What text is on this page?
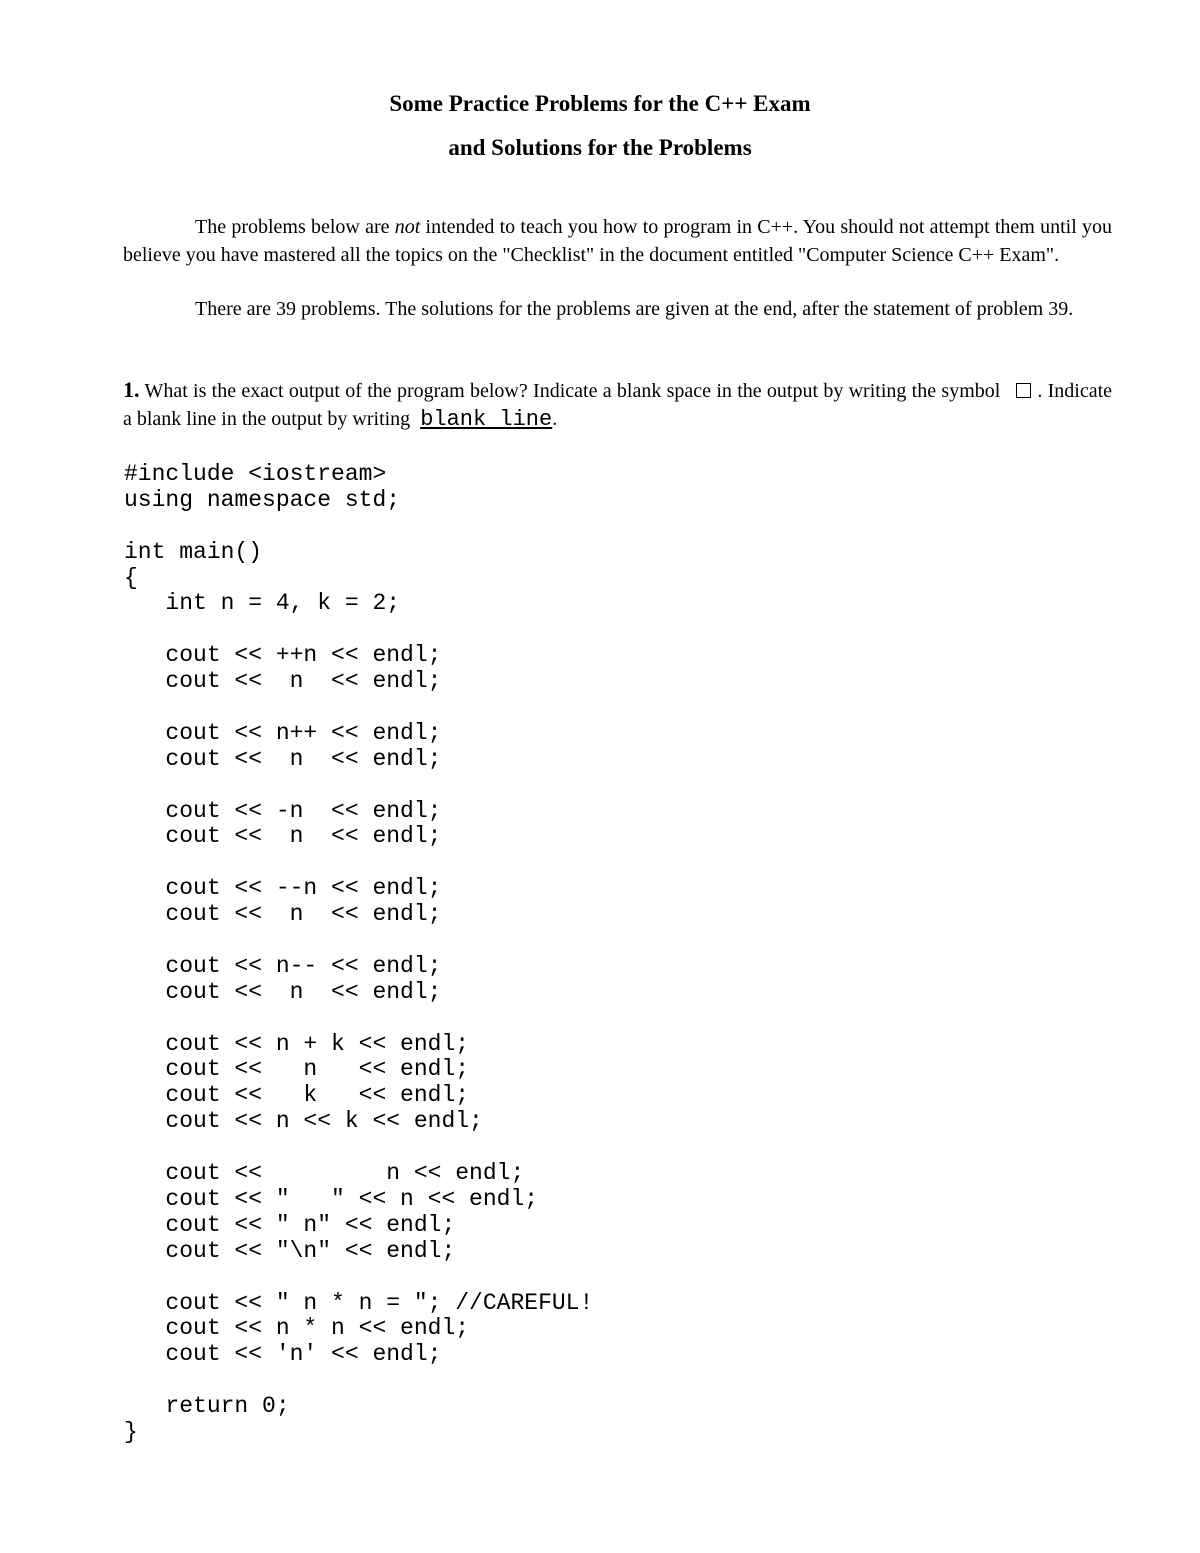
Some Practice Problems for the C++ Exam
and Solutions for the Problems
The problems below are not intended to teach you how to program in C++. You should not attempt them until you believe you have mastered all the topics on the "Checklist" in the document entitled "Computer Science C++ Exam".
There are 39 problems. The solutions for the problems are given at the end, after the statement of problem 39.
1. What is the exact output of the program below? Indicate a blank space in the output by writing the symbol . Indicate a blank line in the output by writing blank line.
#include <iostream>
using namespace std;
int main()
{
int n = 4, k = 2;
cout << ++n << endl;
cout <<  n  << endl;
cout << n++ << endl;
cout <<  n  << endl;
cout << -n  << endl;
cout <<  n  << endl;
cout << --n << endl;
cout <<  n  << endl;
cout << n-- << endl;
cout <<  n  << endl;
cout << n + k << endl;
cout <<   n   << endl;
cout <<   k   << endl;
cout << n << k << endl;
cout <<         n << endl;
cout << "   " << n << endl;
cout << " n" << endl;
cout << "\n" << endl;
cout << " n * n = "; //CAREFUL!
cout << n * n << endl;
cout << 'n' << endl;
return 0;
}
